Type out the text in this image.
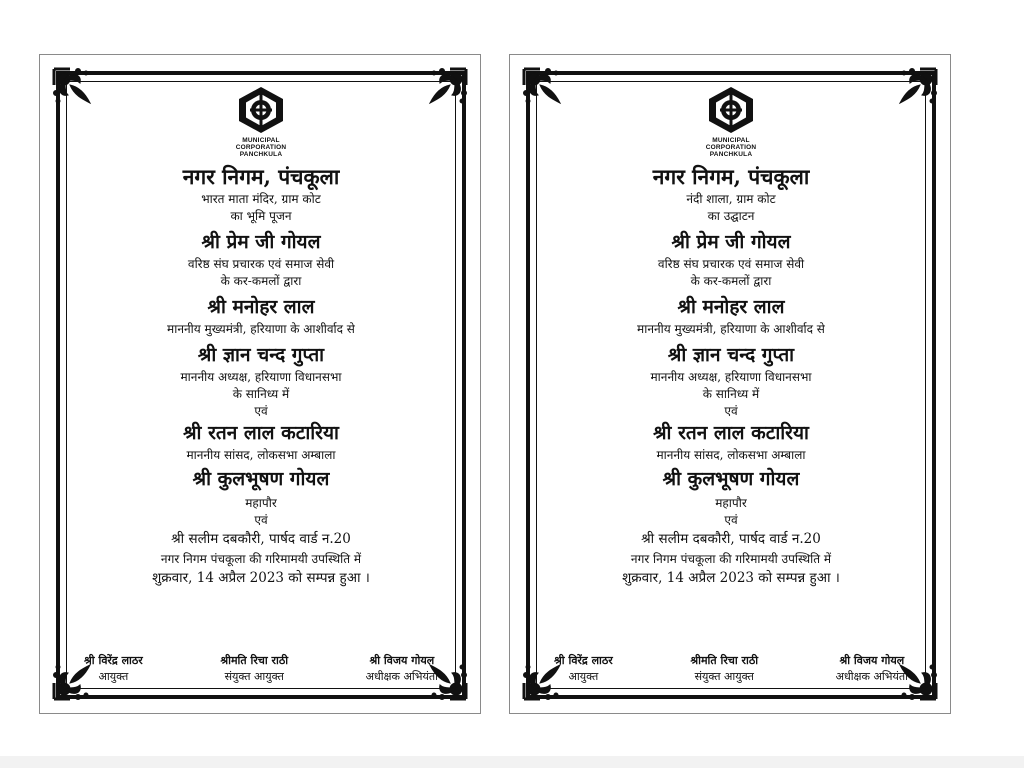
MUNICIPAL
CORPORATION
PANCHKULA
नगर निगम, पंचकूला
भारत माता मंदिर, ग्राम कोट
का भूमि पूजन
श्री प्रेम जी गोयल
वरिष्ठ संघ प्रचारक एवं समाज सेवी
के कर-कमलों द्वारा
श्री मनोहर लाल
माननीय मुख्यमंत्री, हरियाणा के आशीर्वाद से
श्री ज्ञान चन्द गुप्ता
माननीय अध्यक्ष, हरियाणा विधानसभा
के सानिध्य में
एवं
श्री रतन लाल कटारिया
माननीय सांसद, लोकसभा अम्बाला
श्री कुलभूषण गोयल
महापौर
एवं
श्री सलीम दबकौरी, पार्षद वार्ड न.20
नगर निगम पंचकूला की गरिमामयी उपस्थिति में
शुक्रवार, 14 अप्रैल 2023 को सम्पन्न हुआ ।
श्री विरेंद्र लाठर
आयुक्त
श्रीमति रिचा राठी
संयुक्त आयुक्त
श्री विजय गोयल
अधीक्षक अभियंता
MUNICIPAL
CORPORATION
PANCHKULA
नगर निगम, पंचकूला
नंदी शाला, ग्राम कोट
का उद्घाटन
श्री प्रेम जी गोयल
वरिष्ठ संघ प्रचारक एवं समाज सेवी
के कर-कमलों द्वारा
श्री मनोहर लाल
माननीय मुख्यमंत्री, हरियाणा के आशीर्वाद से
श्री ज्ञान चन्द गुप्ता
माननीय अध्यक्ष, हरियाणा विधानसभा
के सानिध्य में
एवं
श्री रतन लाल कटारिया
माननीय सांसद, लोकसभा अम्बाला
श्री कुलभूषण गोयल
महापौर
एवं
श्री सलीम दबकौरी, पार्षद वार्ड न.20
नगर निगम पंचकूला की गरिमामयी उपस्थिति में
शुक्रवार, 14 अप्रैल 2023 को सम्पन्न हुआ ।
श्री विरेंद्र लाठर
आयुक्त
श्रीमति रिचा राठी
संयुक्त आयुक्त
श्री विजय गोयल
अधीक्षक अभियंता
